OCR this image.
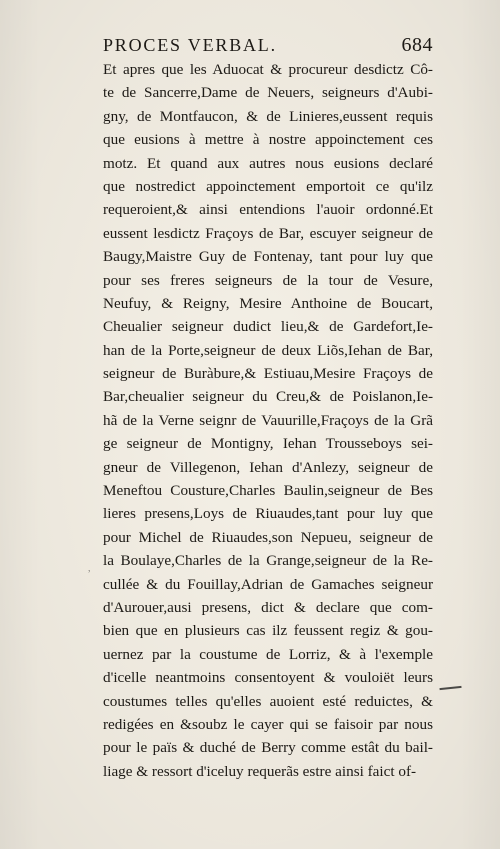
PROCES VERBAL.	684
Et apres que les Aduocat & procureur desdictz Cô-
te de Sancerre,Dame de Neuers, seigneurs d'Aubi-
gny, de Montfaucon, & de Linieres,eussent requis
que eusions à mettre à nostre appoinctement ces
motz. Et quand aux autres nous eusions declaré
que nostredict appoinctement emportoit ce qu'ilz
requeroient,& ainsi entendions l'auoir ordonné.Et
eussent lesdictz Fraçoys de Bar, escuyer seigneur de
Baugy,Maistre Guy de Fontenay, tant pour luy que
pour ses freres seigneurs de la tour de Vesure,
Neufuy, & Reigny, Mesire Anthoine de Boucart,
Cheualier seigneur dudict lieu,& de Gardefort,Ie-
han de la Porte,seigneur de deux Liõs,Iehan de Bar,
seigneur de Buràbure,& Estiuau,Mesire Fraçoys de
Bar,cheualier seigneur du Creu,& de Poislanon,Ie-
hã de la Verne seignr de Vauurille,Fraçoys de la Grã
ge seigneur de Montigny, Iehan Trousseboys sei-
gneur de Villegenon, Iehan d'Anlezy, seigneur de
Meneftou Cousture,Charles Baulin,seigneur de Bes
lieres presens,Loys de Riuaudes,tant pour luy que
pour Michel de Riuaudes,son Nepueu, seigneur de
la Boulaye,Charles de la Grange,seigneur de la Re-
cullée & du Fouillay,Adrian de Gamaches seigneur
d'Aurouer,ausi presens, dict & declare que com-
bien que en plusieurs cas ilz feussent regiz & gou-
uernez par la coustume de Lorriz, & à l'exemple
d'icelle neantmoins consentoyent & vouloiët leurs
coustumes telles qu'elles auoient esté reduictes, &
redigées en &soubz le cayer qui se faisoir par nous
pour le païs & duché de Berry comme estât du bail-
liage & ressort d'iceluy requerãs estre ainsi faict of-
,
